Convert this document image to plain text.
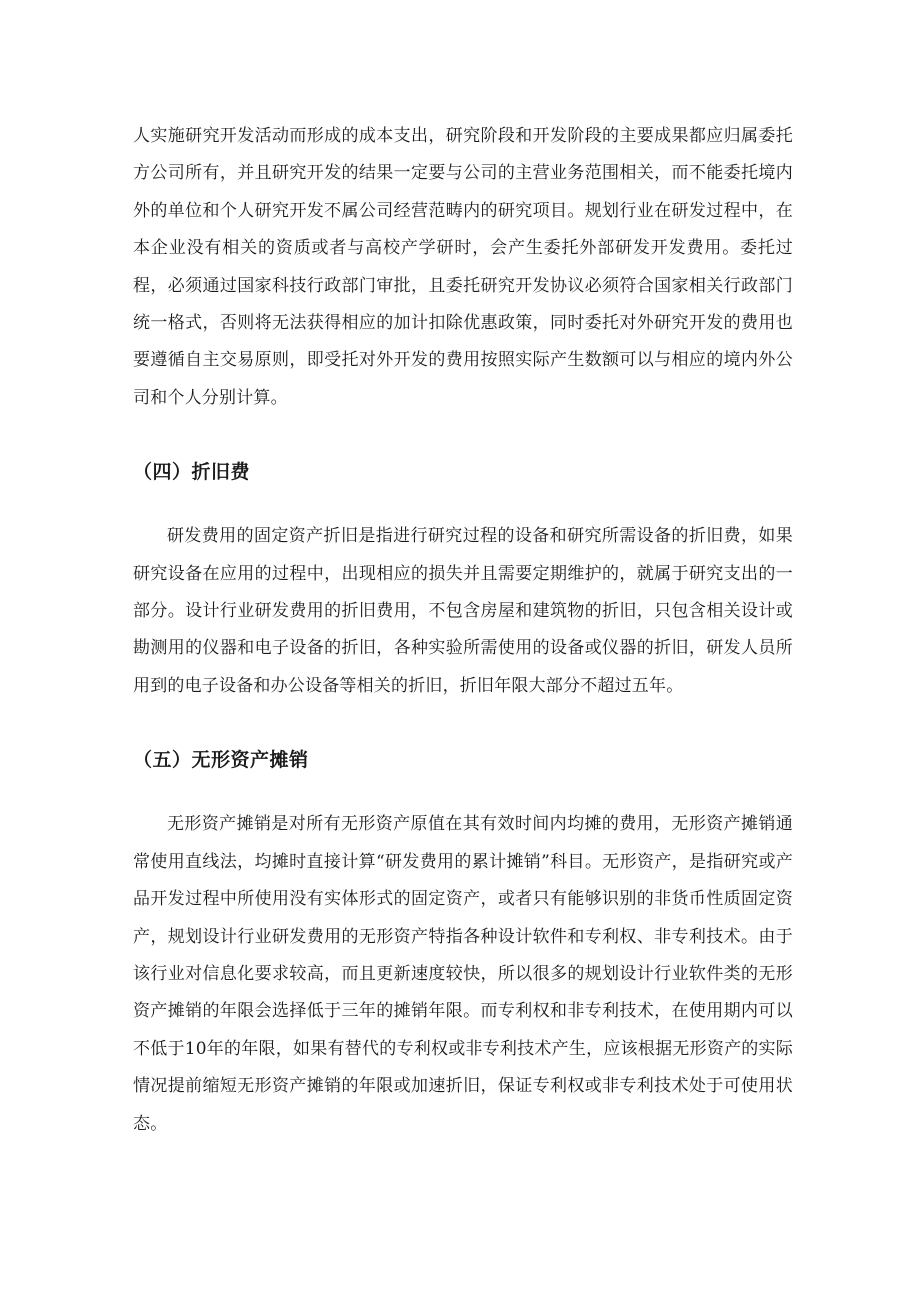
人实施研究开发活动而形成的成本支出，研究阶段和开发阶段的主要成果都应归属委托方公司所有，并且研究开发的结果一定要与公司的主营业务范围相关，而不能委托境内外的单位和个人研究开发不属公司经营范畴内的研究项目。规划行业在研发过程中，在本企业没有相关的资质或者与高校产学研时，会产生委托外部研发开发费用。委托过程，必须通过国家科技行政部门审批，且委托研究开发协议必须符合国家相关行政部门统一格式，否则将无法获得相应的加计扣除优惠政策，同时委托对外研究开发的费用也要遵循自主交易原则，即受托对外开发的费用按照实际产生数额可以与相应的境内外公司和个人分别计算。

（四）折旧费

研发费用的固定资产折旧是指进行研究过程的设备和研究所需设备的折旧费，如果研究设备在应用的过程中，出现相应的损失并且需要定期维护的，就属于研究支出的一部分。设计行业研发费用的折旧费用，不包含房屋和建筑物的折旧，只包含相关设计或勘测用的仪器和电子设备的折旧，各种实验所需使用的设备或仪器的折旧，研发人员所用到的电子设备和办公设备等相关的折旧，折旧年限大部分不超过五年。

（五）无形资产摊销

无形资产摊销是对所有无形资产原值在其有效时间内均摊的费用，无形资产摊销通常使用直线法，均摊时直接计算“研发费用的累计摊销”科目。无形资产，是指研究或产品开发过程中所使用没有实体形式的固定资产，或者只有能够识别的非货币性质固定资产，规划设计行业研发费用的无形资产特指各种设计软件和专利权、非专利技术。由于该行业对信息化要求较高，而且更新速度较快，所以很多的规划设计行业软件类的无形资产摊销的年限会选择低于三年的摊销年限。而专利权和非专利技术，在使用期内可以不低于10年的年限，如果有替代的专利权或非专利技术产生，应该根据无形资产的实际情况提前缩短无形资产摊销的年限或加速折旧，保证专利权或非专利技术处于可使用状态。
